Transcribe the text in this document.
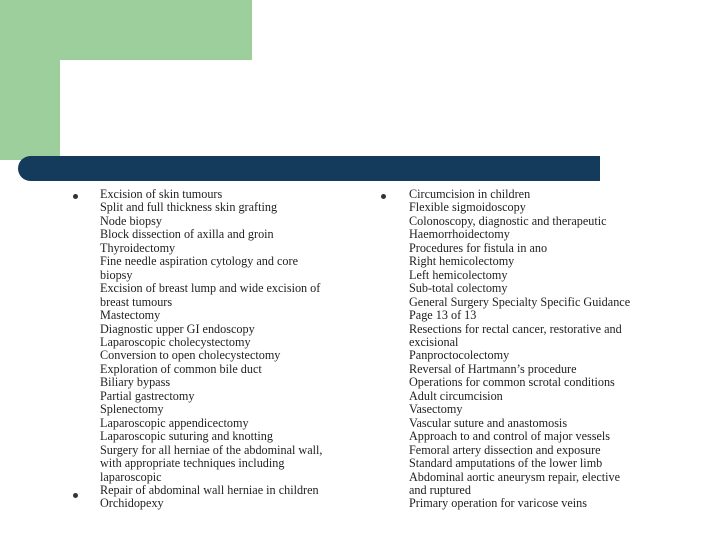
Excision of skin tumours

Split and full thickness skin grafting

Node biopsy

Block dissection of axilla and groin

Thyroidectomy

Fine needle aspiration cytology and core

biopsy

Excision of breast lump and wide excision of

breast tumours

Mastectomy

Diagnostic upper GI endoscopy

Laparoscopic cholecystectomy

Conversion to open cholecystectomy

Exploration of common bile duct

Biliary bypass

Partial gastrectomy

Splenectomy

Laparoscopic appendicectomy

Laparoscopic suturing and knotting

Surgery for all herniae of the abdominal wall,

with appropriate techniques including

laparoscopic

Repair of abdominal wall herniae in children

Orchidopexy

Circumcision in children

Flexible sigmoidoscopy

Colonoscopy, diagnostic and therapeutic

Haemorrhoidectomy

Procedures for fistula in ano

Right hemicolectomy

Left hemicolectomy

Sub-total colectomy

General Surgery Specialty Specific Guidance

Page 13 of 13

Resections for rectal cancer, restorative and

excisional

Panproctocolectomy

Reversal of Hartmann’s procedure

Operations for common scrotal conditions

Adult circumcision

Vasectomy

Vascular suture and anastomosis

Approach to and control of major vessels

Femoral artery dissection and exposure

Standard amputations of the lower limb

Abdominal aortic aneurysm repair, elective

and ruptured

Primary operation for varicose veins
